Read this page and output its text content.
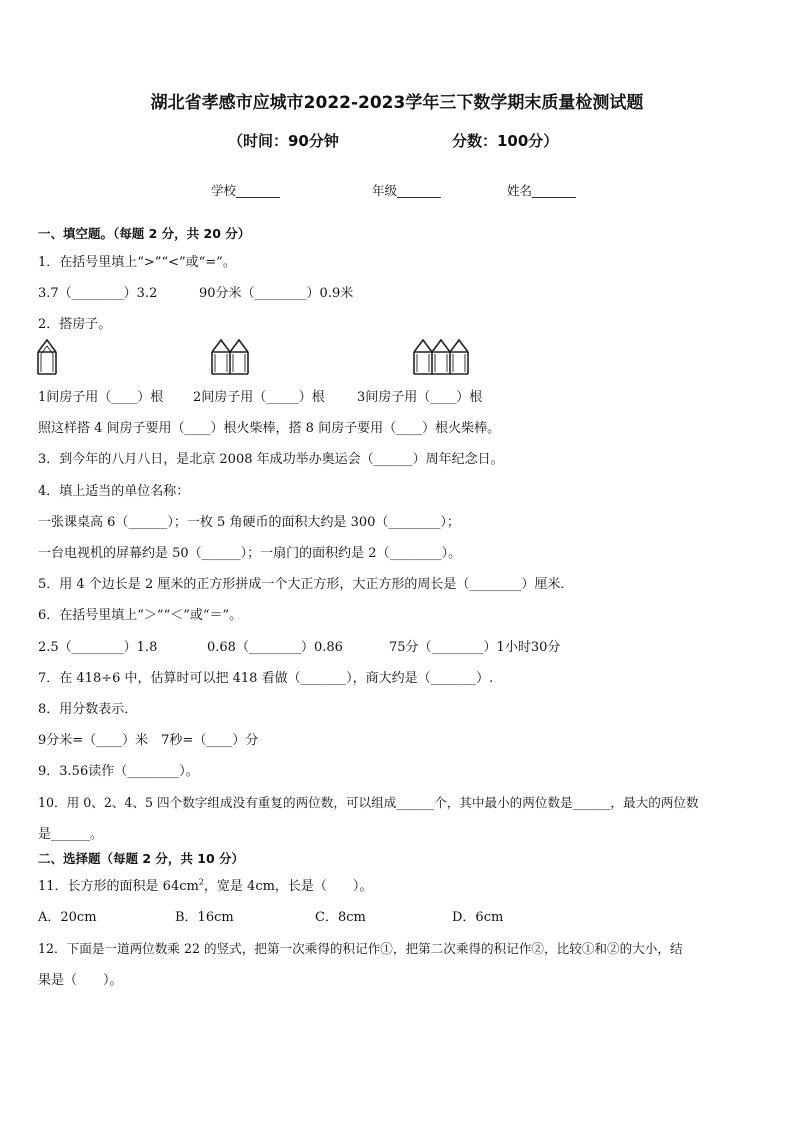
湖北省孝感市应城市2022-2023学年三下数学期末质量检测试题
（时间：90分钟	分数：100分）
学校_______	年级_______	姓名_______
一、填空题。（每题 2 分，共 20 分）
1．在括号里填上“>”“<”或“=”。
3.7（________）3.2	90分米（________）0.9米
2．搭房子。
1间房子用（____）根 2间房子用（_____）根 3间房子用（____）根
照这样搭 4 间房子要用（____）根火柴棒，搭 8 间房子要用（____）根火柴棒。
3．到今年的八月八日，是北京 2008 年成功举办奥运会（______）周年纪念日。
4．填上适当的单位名称：
一张课桌高 6（______）；一枚 5 角硬币的面积大约是 300（________）；
一台电视机的屏幕约是 50（______）；一扇门的面积约是 2（________）。
5．用 4 个边长是 2 厘米的正方形拼成一个大正方形，大正方形的周长是（________）厘米．
6．在括号里填上“＞”“＜”或“＝”。
2.5（________）1.8	0.68（________）0.86	75分（________）1小时30分
7．在 418÷6 中，估算时可以把 418 看做（_______），商大约是（_______）.
8．用分数表示．
9分米=（____）米　7秒=（____）分
9．3.56读作（________）。
10．用 0、2、4、5 四个数字组成没有重复的两位数，可以组成______个，其中最小的两位数是______，最大的两位数
是______。
二、选择题（每题 2 分，共 10 分）
11．长方形的面积是 $64cm^2$，宽是 4cm，长是（　　）。
A．20cm	B．16cm	C．8cm	D．6cm
12．下面是一道两位数乘 22 的竖式，把第一次乘得的积记作①，把第二次乘得的积记作②，比较①和②的大小，结
果是（　　）。
